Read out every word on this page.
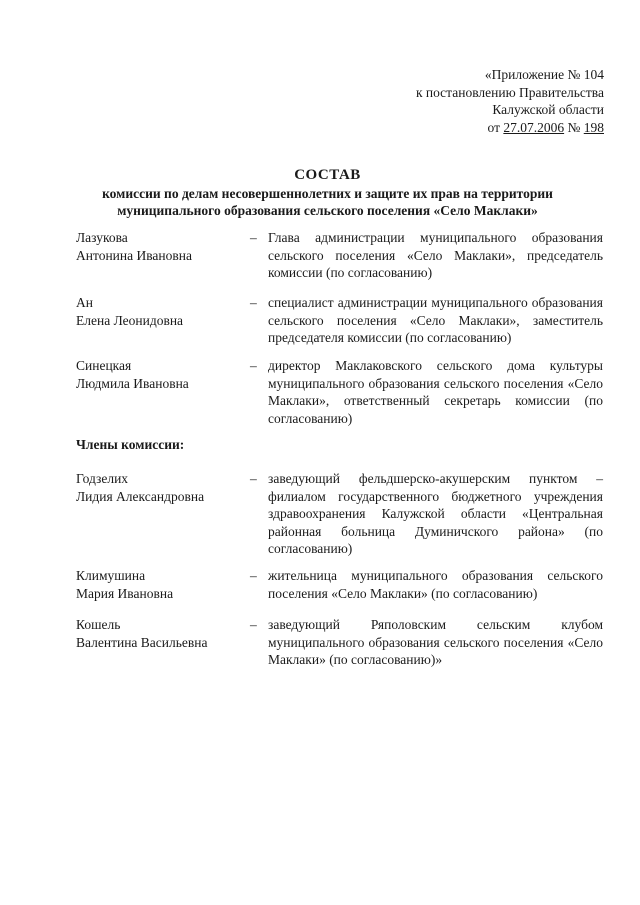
«Приложение № 104
к постановлению Правительства
Калужской области
от 27.07.2006 № 198
СОСТАВ
комиссии по делам несовершеннолетних и защите их прав на территории
муниципального образования сельского поселения «Село Маклаки»
Лазукова
Антонина Ивановна
– Глава администрации муниципального образования сельского поселения «Село Маклаки», председатель комиссии (по согласованию)
Ан
Елена Леонидовна
– специалист администрации муниципального образования сельского поселения «Село Маклаки», заместитель председателя комиссии (по согласованию)
Синецкая
Людмила Ивановна
– директор Маклаковского сельского дома культуры муниципального образования сельского поселения «Село Маклаки», ответственный секретарь комиссии (по согласованию)
Члены комиссии:
Годзелих
Лидия Александровна
– заведующий фельдшерско-акушерским пунктом – филиалом государственного бюджетного учреждения здравоохранения Калужской области «Центральная районная больница Думиничского района» (по согласованию)
Климушина
Мария Ивановна
– жительница муниципального образования сельского поселения «Село Маклаки» (по согласованию)
Кошель
Валентина Васильевна
– заведующий Ряполовским сельским клубом муниципального образования сельского поселения «Село Маклаки» (по согласованию)»
